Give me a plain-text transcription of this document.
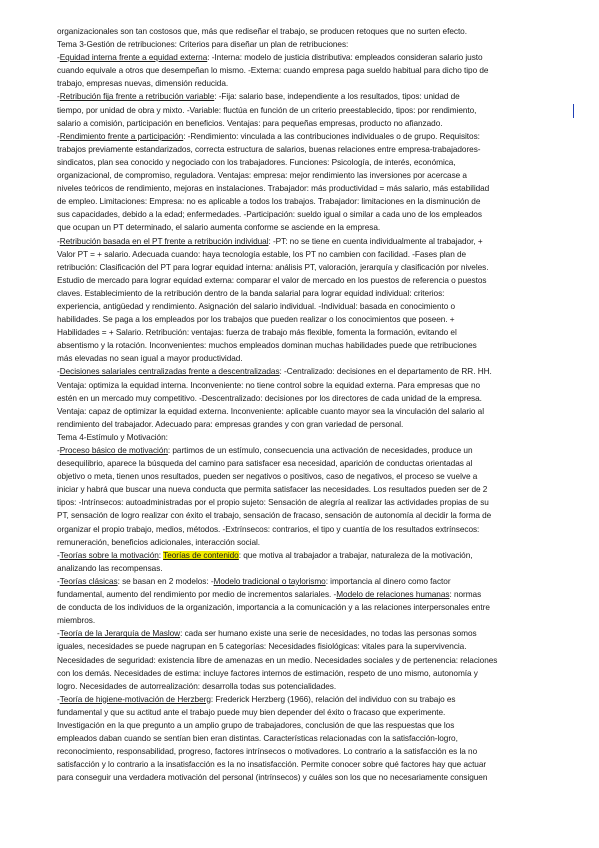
organizacionales son tan costosos que, más que rediseñar el trabajo, se producen retoques que no surten efecto.
Tema 3-Gestión de retribuciones: Criterios para diseñar un plan de retribuciones:
-Equidad interna frente a equidad externa: -Interna: modelo de justicia distributiva: empleados consideran salario justo
cuando equivale a otros que desempeñan lo mismo. -Externa: cuando empresa paga sueldo habitual para dicho tipo de
trabajo, empresas nuevas, dimensión reducida.
-Retribución fija frente a retribución variable: -Fija: salario base, independiente a los resultados, tipos: unidad de
tiempo, por unidad de obra y mixto. -Variable: fluctúa en función de un criterio preestablecido, tipos: por rendimiento,
salario a comisión, participación en beneficios. Ventajas: para pequeñas empresas, producto no afianzado.
-Rendimiento frente a participación: -Rendimiento: vinculada a las contribuciones individuales o de grupo. Requisitos:
trabajos previamente estandarizados, correcta estructura de salarios, buenas relaciones entre empresa-trabajadores-
sindicatos, plan sea conocido y negociado con los trabajadores. Funciones: Psicología, de interés, económica,
organizacional, de compromiso, reguladora. Ventajas: empresa: mejor rendimiento las inversiones por acercase a
niveles teóricos de rendimiento, mejoras en instalaciones. Trabajador: más productividad = más salario, más estabilidad
de empleo. Limitaciones: Empresa: no es aplicable a todos los trabajos. Trabajador: limitaciones en la disminución de
sus capacidades, debido a la edad; enfermedades. -Participación: sueldo igual o similar a cada uno de los empleados
que ocupan un PT determinado, el salario aumenta conforme se asciende en la empresa.
-Retribución basada en el PT frente a retribución individual: -PT: no se tiene en cuenta individualmente al trabajador, +
Valor PT = + salario. Adecuada cuando: haya tecnología estable, los PT no cambien con facilidad. -Fases plan de
retribución: Clasificación del PT para lograr equidad interna: análisis PT, valoración, jerarquía y clasificación por niveles.
Estudio de mercado para lograr equidad externa: comparar el valor de mercado en los puestos de referencia o puestos
claves. Establecimiento de la retribución dentro de la banda salarial para lograr equidad individual: criterios:
experiencia, antigüedad y rendimiento. Asignación del salario individual. -Individual: basada en conocimiento o
habilidades. Se paga a los empleados por los trabajos que pueden realizar o los conocimientos que poseen. +
Habilidades = + Salario. Retribución: ventajas: fuerza de trabajo más flexible, fomenta la formación, evitando el
absentismo y la rotación. Inconvenientes: muchos empleados dominan muchas habilidades puede que retribuciones
más elevadas no sean igual a mayor productividad.
-Decisiones salariales centralizadas frente a descentralizadas: -Centralizado: decisiones en el departamento de RR. HH.
Ventaja: optimiza la equidad interna. Inconveniente: no tiene control sobre la equidad externa. Para empresas que no
estén en un mercado muy competitivo. -Descentralizado: decisiones por los directores de cada unidad de la empresa.
Ventaja: capaz de optimizar la equidad externa. Inconveniente: aplicable cuanto mayor sea la vinculación del salario al
rendimiento del trabajador. Adecuado para: empresas grandes y con gran variedad de personal.
Tema 4-Estímulo y Motivación:
-Proceso básico de motivación: partimos de un estímulo, consecuencia una activación de necesidades, produce un
desequilibrio, aparece la búsqueda del camino para satisfacer esa necesidad, aparición de conductas orientadas al
objetivo o meta, tienen unos resultados, pueden ser negativos o positivos, caso de negativos, el proceso se vuelve a
iniciar y habrá que buscar una nueva conducta que permita satisfacer las necesidades. Los resultados pueden ser de 2
tipos: -Intrínsecos: autoadministradas por el propio sujeto: Sensación de alegría al realizar las actividades propias de su
PT, sensación de logro realizar con éxito el trabajo, sensación de fracaso, sensación de autonomía al decidir la forma de
organizar el propio trabajo, medios, métodos. -Extrínsecos: contrarios, el tipo y cuantía de los resultados extrínsecos:
remuneración, beneficios adicionales, interacción social.
-Teorías sobre la motivación: Teorías de contenido: que motiva al trabajador a trabajar, naturaleza de la motivación,
analizando las recompensas.
-Teorías clásicas: se basan en 2 modelos: -Modelo tradicional o taylorismo: importancia al dinero como factor
fundamental, aumento del rendimiento por medio de incrementos salariales. -Modelo de relaciones humanas: normas
de conducta de los individuos de la organización, importancia a la comunicación y a las relaciones interpersonales entre
miembros.
-Teoría de la Jerarquía de Maslow: cada ser humano existe una serie de necesidades, no todas las personas somos
iguales, necesidades se puede nagrupan en 5 categorías: Necesidades fisiológicas: vitales para la supervivencia.
Necesidades de seguridad: existencia libre de amenazas en un medio. Necesidades sociales y de pertenencia: relaciones
con los demás. Necesidades de estima: incluye factores internos de estimación, respeto de uno mismo, autonomía y
logro. Necesidades de autorrealización: desarrolla todas sus potencialidades.
-Teoría de higiene-motivación de Herzberg: Frederick Herzberg (1966), relación del individuo con su trabajo es
fundamental y que su actitud ante el trabajo puede muy bien depender del éxito o fracaso que experimente.
Investigación en la que pregunto a un amplio grupo de trabajadores, conclusión de que las respuestas que los
empleados daban cuando se sentían bien eran distintas. Características relacionadas con la satisfacción-logro,
reconocimiento, responsabilidad, progreso, factores intrínsecos o motivadores. Lo contrario a la satisfacción es la no
satisfacción y lo contrario a la insatisfacción es la no insatisfacción. Permite conocer sobre qué factores hay que actuar
para conseguir una verdadera motivación del personal (intrínsecos) y cuáles son los que no necesariamente consiguen
